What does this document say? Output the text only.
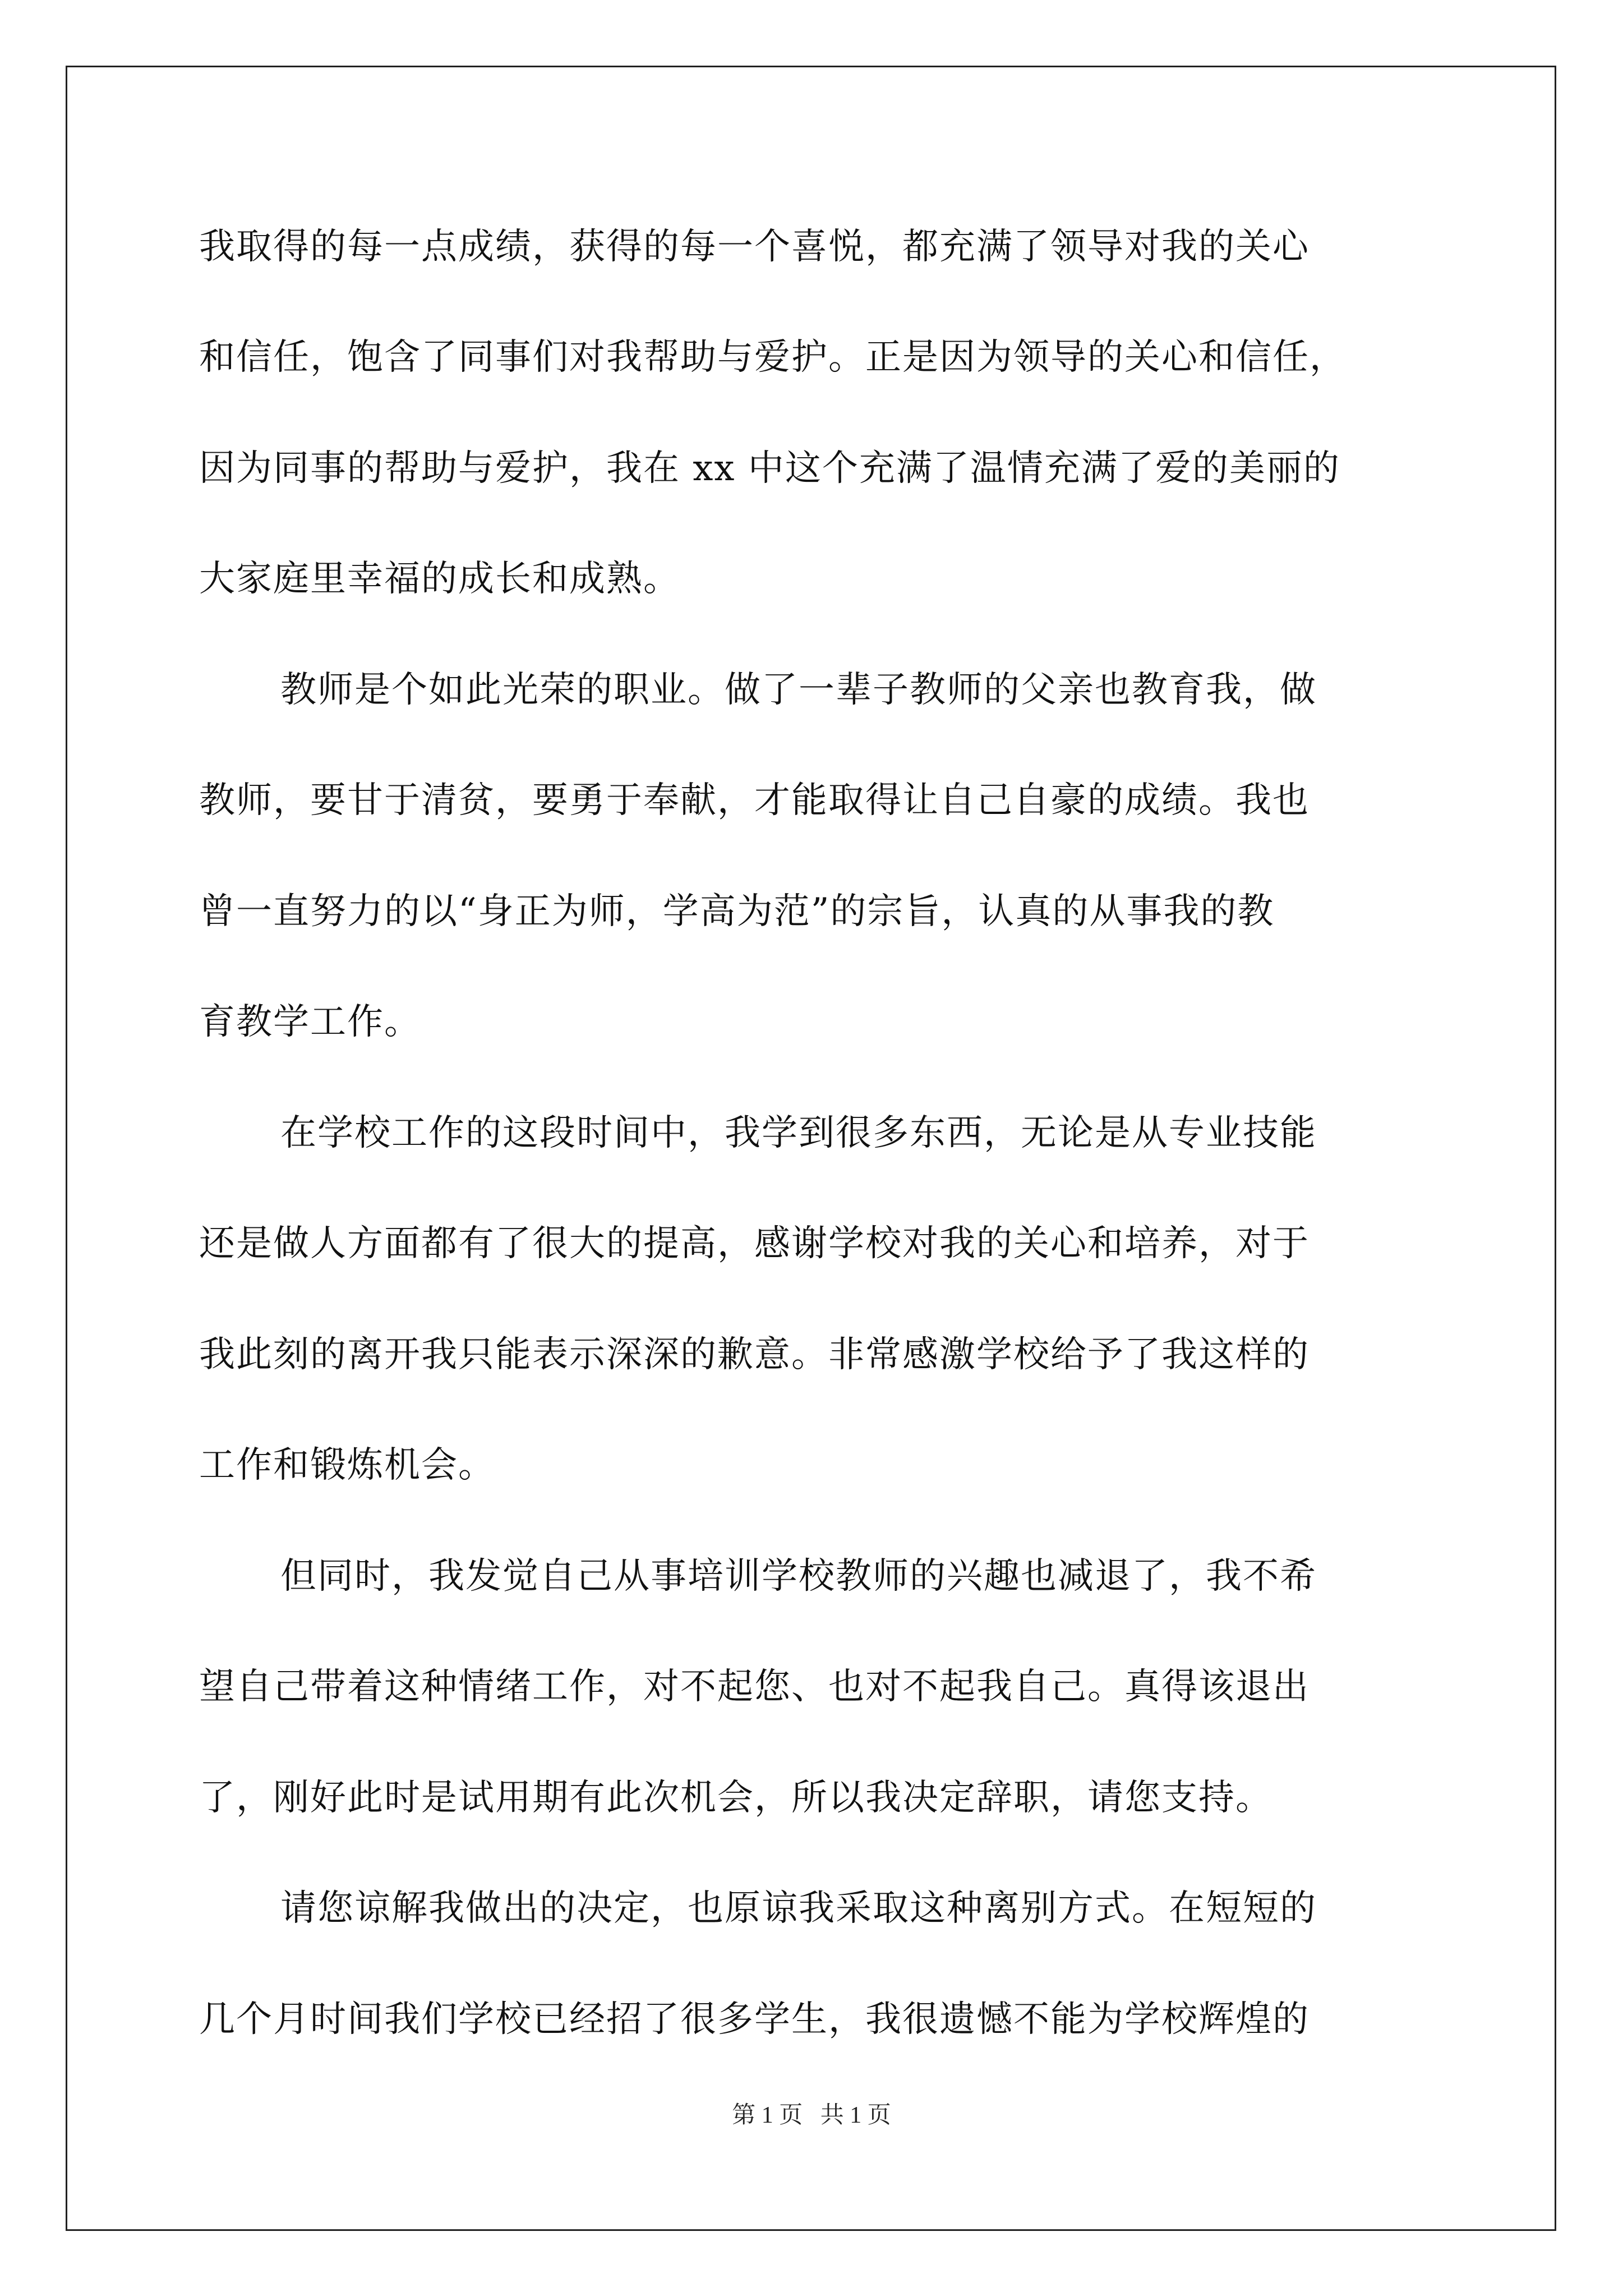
我取得的每一点成绩，获得的每一个喜悦，都充满了领导对我的关心
和信任，饱含了同事们对我帮助与爱护。正是因为领导的关心和信任，
因为同事的帮助与爱护，我在 xx 中这个充满了温情充满了爱的美丽的
大家庭里幸福的成长和成熟。
教师是个如此光荣的职业。做了一辈子教师的父亲也教育我，做
教师，要甘于清贫，要勇于奉献，才能取得让自己自豪的成绩。我也
曾一直努力的以“身正为师，学高为范”的宗旨，认真的从事我的教
育教学工作。
在学校工作的这段时间中，我学到很多东西，无论是从专业技能
还是做人方面都有了很大的提高，感谢学校对我的关心和培养，对于
我此刻的离开我只能表示深深的歉意。非常感激学校给予了我这样的
工作和锻炼机会。
但同时，我发觉自己从事培训学校教师的兴趣也减退了，我不希
望自己带着这种情绪工作，对不起您、也对不起我自己。真得该退出
了，刚好此时是试用期有此次机会，所以我决定辞职，请您支持。
请您谅解我做出的决定，也原谅我采取这种离别方式。在短短的
几个月时间我们学校已经招了很多学生，我很遗憾不能为学校辉煌的
第 1 页   共 1 页
